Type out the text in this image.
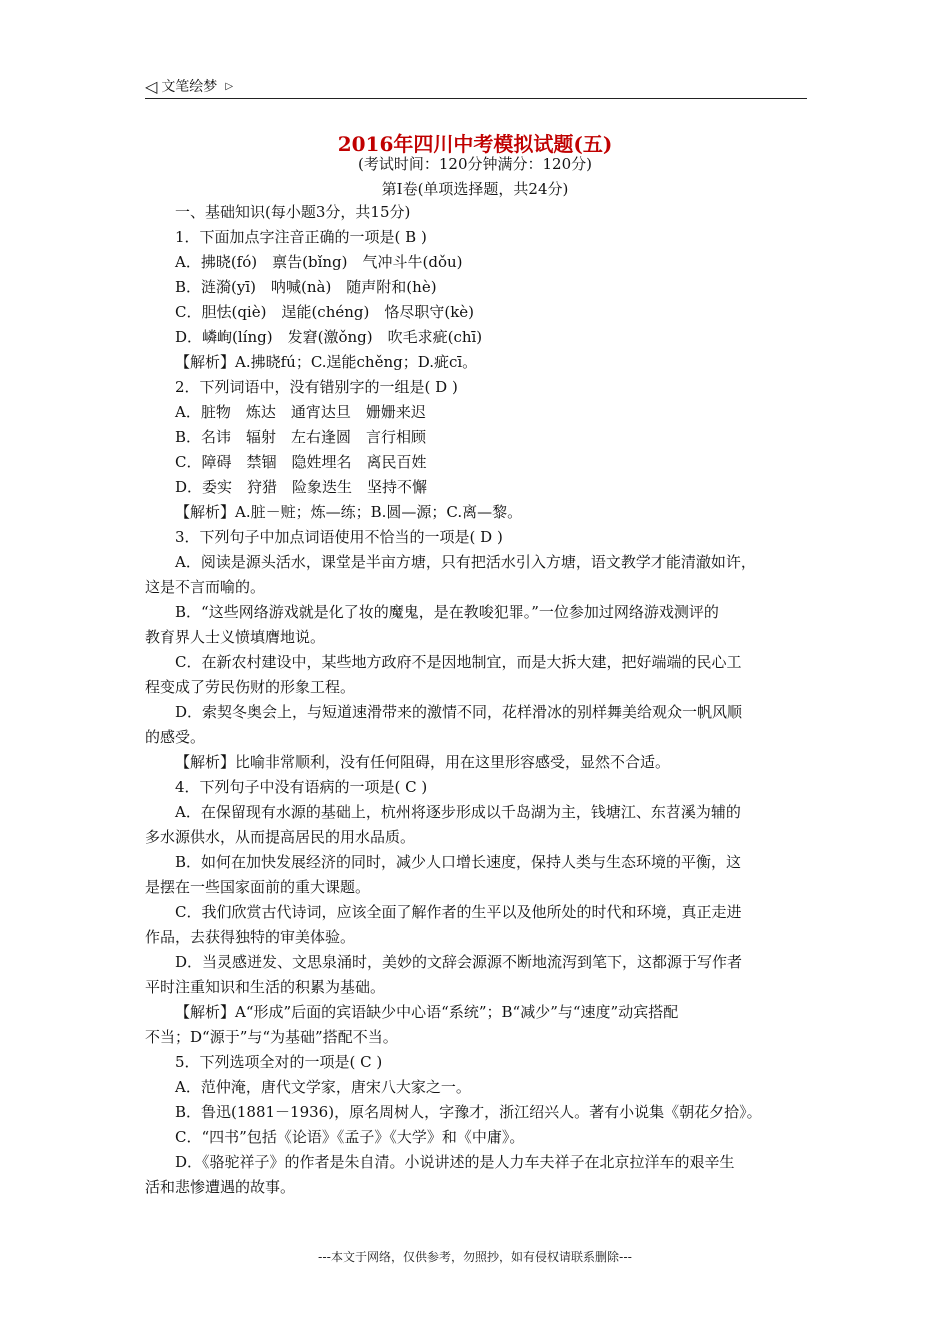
◁ 文笔绘梦 ▷
2016年四川中考模拟试题(五)
(考试时间：120分钟满分：120分)
第Ⅰ卷(单项选择题，共24分)
一、基础知识(每小题3分，共15分)
1．下面加点字注音正确的一项是( B )
A．拂晓(fó)　禀告(bǐng)　气冲斗牛(dǒu)
B．涟漪(yī)　呐喊(nà)　随声附和(hè)
C．胆怯(qiè)　逞能(chéng)　恪尽职守(kè)
D．嶙峋(líng)　发窘(激ǒng)　吹毛求疵(chī)
【解析】A.拂晓fú；C.逞能chěng；D.疵cī。
2．下列词语中，没有错别字的一组是( D )
A．脏物　炼达　通宵达旦　姗姗来迟
B．名讳　辐射　左右逢圆　言行相顾
C．障碍　禁锢　隐姓埋名　离民百姓
D．委实　狩猎　险象迭生　坚持不懈
【解析】A.脏－赃；炼—练；B.圆—源；C.离—黎。
3．下列句子中加点词语使用不恰当的一项是( D )
A．阅读是源头活水，课堂是半亩方塘，只有把活水引入方塘，语文教学才能清澈如许，
这是不言而喻的。
B．“这些网络游戏就是化了妆的魔鬼，是在教唆犯罪。”一位参加过网络游戏测评的
教育界人士义愤填膺地说。
C．在新农村建设中，某些地方政府不是因地制宜，而是大拆大建，把好端端的民心工
程变成了劳民伤财的形象工程。
D．索契冬奥会上，与短道速滑带来的激情不同，花样滑冰的别样舞美给观众一帆风顺
的感受。
【解析】比喻非常顺利，没有任何阻碍，用在这里形容感受，显然不合适。
4．下列句子中没有语病的一项是( C )
A．在保留现有水源的基础上，杭州将逐步形成以千岛湖为主，钱塘江、东苕溪为辅的
多水源供水，从而提高居民的用水品质。
B．如何在加快发展经济的同时，减少人口增长速度，保持人类与生态环境的平衡，这
是摆在一些国家面前的重大课题。
C．我们欣赏古代诗词，应该全面了解作者的生平以及他所处的时代和环境，真正走进
作品，去获得独特的审美体验。
D．当灵感迸发、文思泉涌时，美妙的文辞会源源不断地流泻到笔下，这都源于写作者
平时注重知识和生活的积累为基础。
【解析】A“形成”后面的宾语缺少中心语“系统”；B“减少”与“速度”动宾搭配
不当；D“源于”与“为基础”搭配不当。
5．下列选项全对的一项是( C )
A．范仲淹，唐代文学家，唐宋八大家之一。
B．鲁迅(1881－1936)，原名周树人，字豫才，浙江绍兴人。著有小说集《朝花夕拾》。
C．“四书”包括《论语》《孟子》《大学》和《中庸》。
D．《骆驼祥子》的作者是朱自清。小说讲述的是人力车夫祥子在北京拉洋车的艰辛生
活和悲惨遭遇的故事。
---本文于网络，仅供参考，勿照抄，如有侵权请联系删除---
